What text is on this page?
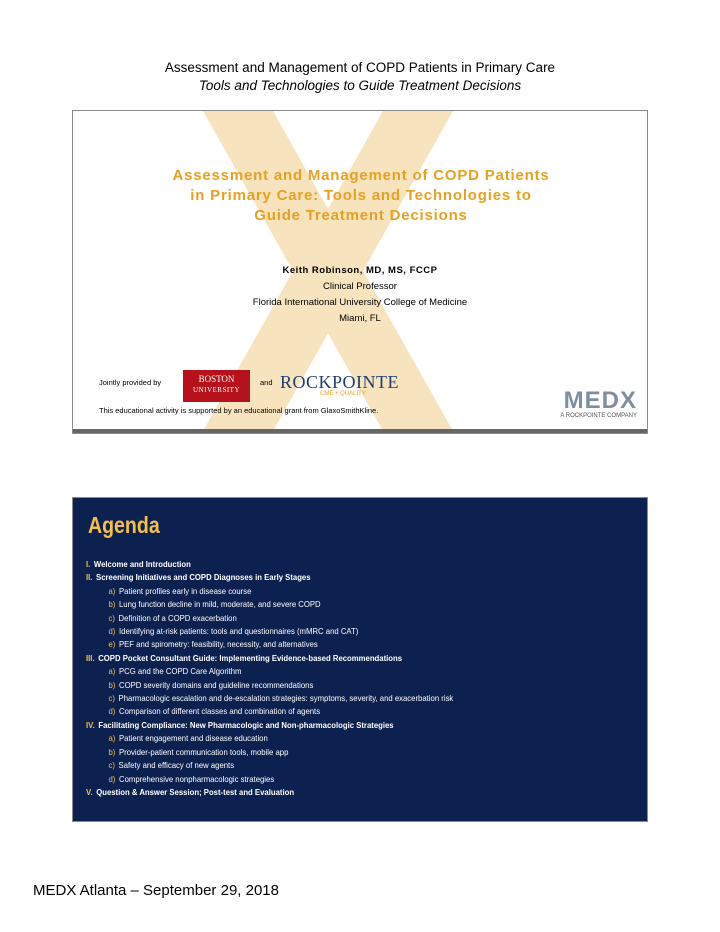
Assessment and Management of COPD Patients in Primary Care
Tools and Technologies to Guide Treatment Decisions
Assessment and Management of COPD Patients
in Primary Care: Tools and Technologies to
Guide Treatment Decisions
Keith Robinson, MD, MS, FCCP
Clinical Professor
Florida International University College of Medicine
Miami, FL
Jointly provided by	BOSTON
UNIVERSITY
and ROCKPOINTE
CME + QUALITY
This educational activity is supported by an educational grant from GlaxoSmithKline.	MEDX
A ROCKPOINTE COMPANY
Agenda
I. Welcome and Introduction
II. Screening Initiatives and COPD Diagnoses in Early Stages
a) Patient profiles early in disease course
b) Lung function decline in mild, moderate, and severe COPD
c) Definition of a COPD exacerbation
d) Identifying at-risk patients: tools and questionnaires (mMRC and CAT)
e) PEF and spirometry: feasibility, necessity, and alternatives
III. COPD Pocket Consultant Guide: Implementing Evidence-based Recommendations
a) PCG and the COPD Care Algorithm
b) COPD severity domains and guideline recommendations
c) Pharmacologic escalation and de-escalation strategies: symptoms, severity, and exacerbation risk
d) Comparison of different classes and combination of agents
IV. Facilitating Compliance: New Pharmacologic and Non-pharmacologic Strategies
a) Patient engagement and disease education
b) Provider-patient communication tools, mobile app
c) Safety and efficacy of new agents
d) Comprehensive nonpharmacologic strategies
V. Question & Answer Session; Post-test and Evaluation
MEDX Atlanta – September 29, 2018
